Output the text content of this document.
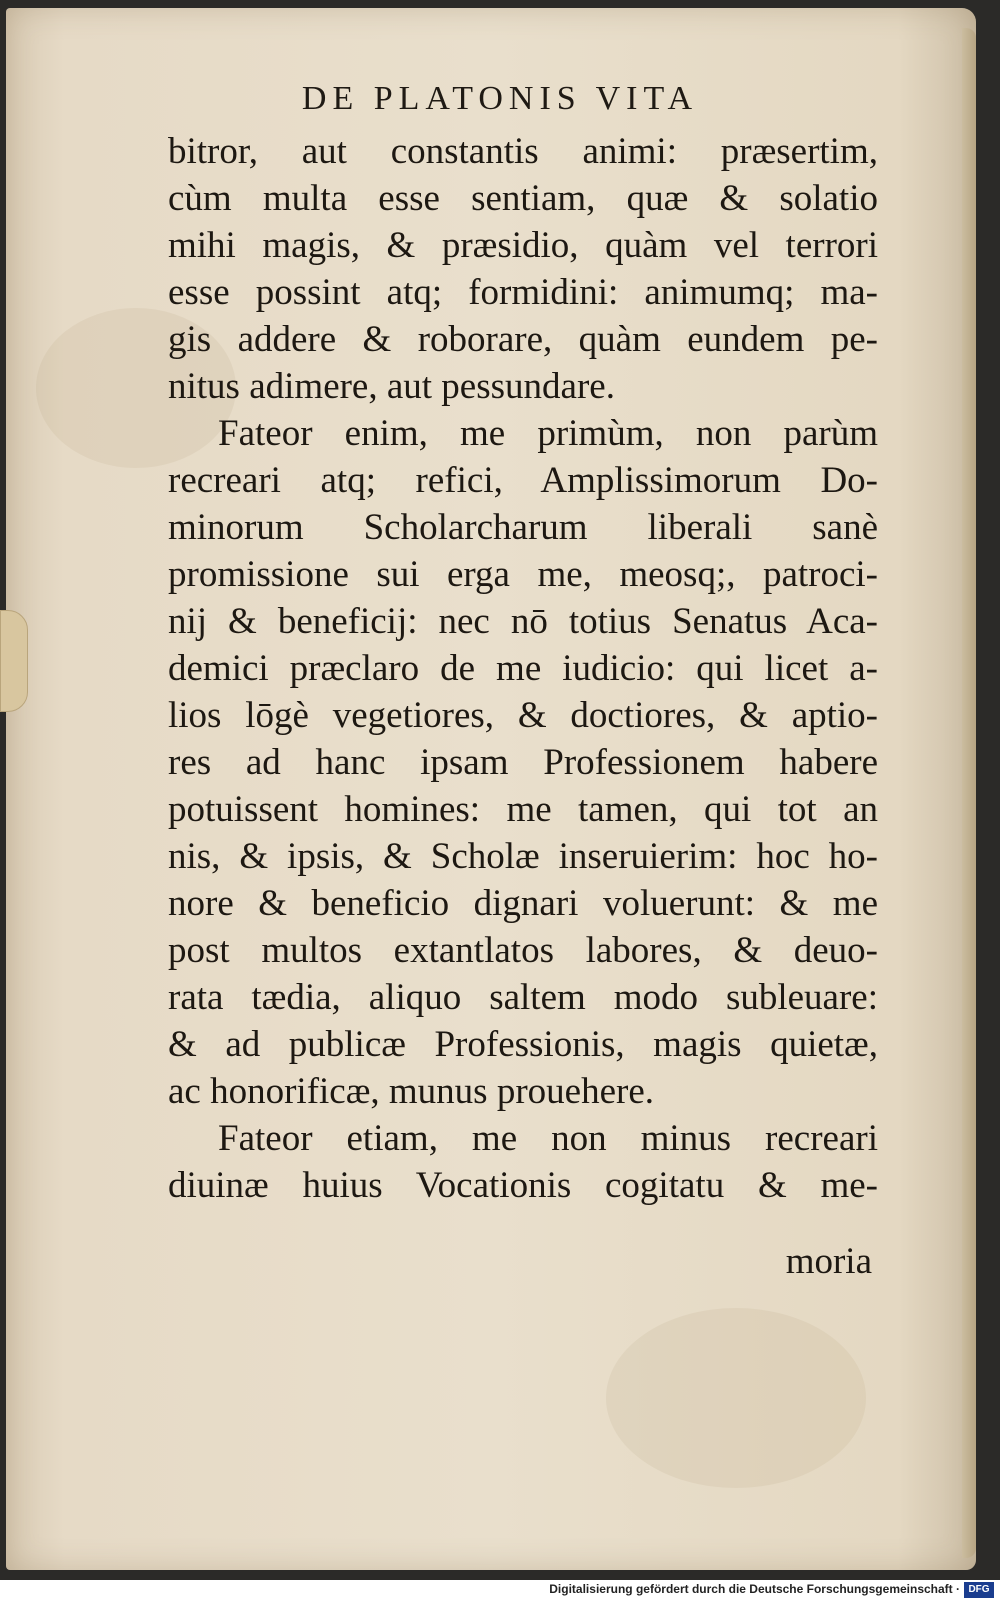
DE PLATONIS VITA
bitror, aut constantis animi: præsertim,
cùm multa esse sentiam, quæ & solatio
mihi magis, & præsidio, quàm vel terrori
esse possint atq; formidini: animumq; ma-
gis addere & roborare, quàm eundem pe-
nitus adimere, aut pessundare.
Fateor enim, me primùm, non parùm
recreari atq; refici, Amplissimorum Do-
minorum Scholarcharum liberali sanè
promissione sui erga me, meosq;, patroci-
nij & beneficij: nec nō totius Senatus Aca-
demici præclaro de me iudicio: qui licet a-
lios lōgè vegetiores, & doctiores, & aptio-
res ad hanc ipsam Professionem habere
potuissent homines: me tamen, qui tot an
nis, & ipsis, & Scholæ inseruierim: hoc ho-
nore & beneficio dignari voluerunt: & me
post multos extantlatos labores, & deuo-
rata tædia, aliquo saltem modo subleuare:
& ad publicæ Professionis, magis quietæ,
ac honorificæ, munus prouehere.
Fateor etiam, me non minus recreari
diuinæ huius Vocationis cogitatu & me-
moria
Digitalisierung gefördert durch die Deutsche Forschungsgemeinschaft · DFG
